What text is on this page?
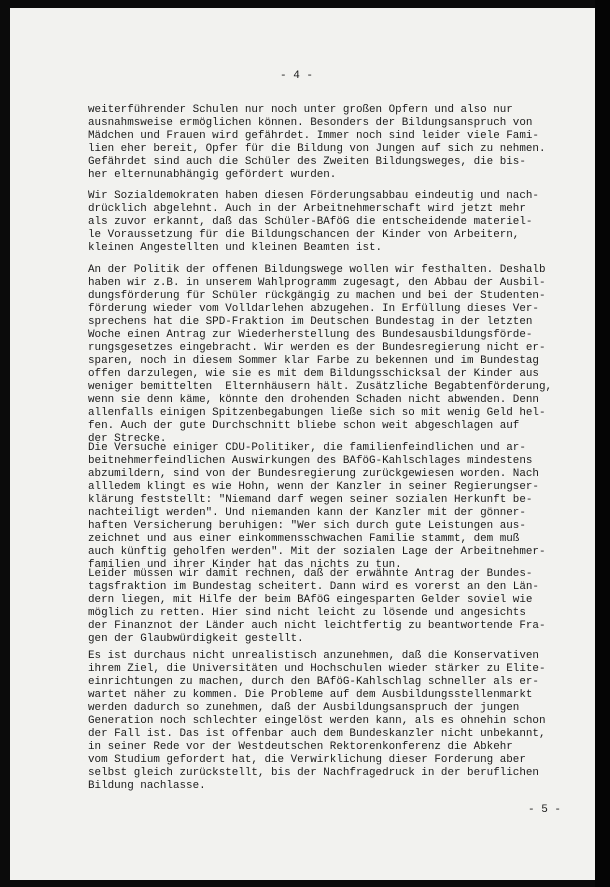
- 4 -
weiterführender Schulen nur noch unter großen Opfern und also nur
ausnahmsweise ermöglichen können. Besonders der Bildungsanspruch von
Mädchen und Frauen wird gefährdet. Immer noch sind leider viele Fami-
lien eher bereit, Opfer für die Bildung von Jungen auf sich zu nehmen.
Gefährdet sind auch die Schüler des Zweiten Bildungsweges, die bis-
her elternunabhängig gefördert wurden.
Wir Sozialdemokraten haben diesen Förderungsabbau eindeutig und nach-
drücklich abgelehnt. Auch in der Arbeitnehmerschaft wird jetzt mehr
als zuvor erkannt, daß das Schüler-BAföG die entscheidende materiel-
le Voraussetzung für die Bildungschancen der Kinder von Arbeitern,
kleinen Angestellten und kleinen Beamten ist.
An der Politik der offenen Bildungswege wollen wir festhalten. Deshalb
haben wir z.B. in unserem Wahlprogramm zugesagt, den Abbau der Ausbil-
dungsförderung für Schüler rückgängig zu machen und bei der Studenten-
förderung wieder vom Volldarlehen abzugehen. In Erfüllung dieses Ver-
sprechens hat die SPD-Fraktion im Deutschen Bundestag in der letzten
Woche einen Antrag zur Wiederherstellung des Bundesausbildungsförde-
rungsgesetzes eingebracht. Wir werden es der Bundesregierung nicht er-
sparen, noch in diesem Sommer klar Farbe zu bekennen und im Bundestag
offen darzulegen, wie sie es mit dem Bildungsschicksal der Kinder aus
weniger bemittelten  Elternhäusern hält. Zusätzliche Begabtenförderung,
wenn sie denn käme, könnte den drohenden Schaden nicht abwenden. Denn
allenfalls einigen Spitzenbegabungen ließe sich so mit wenig Geld hel-
fen. Auch der gute Durchschnitt bliebe schon weit abgeschlagen auf
der Strecke.
Die Versuche einiger CDU-Politiker, die familienfeindlichen und ar-
beitnehmerfeindlichen Auswirkungen des BAföG-Kahlschlages mindestens
abzumildern, sind von der Bundesregierung zurückgewiesen worden. Nach
allledem klingt es wie Hohn, wenn der Kanzler in seiner Regierungser-
klärung feststellt: "Niemand darf wegen seiner sozialen Herkunft be-
nachteiligt werden". Und niemanden kann der Kanzler mit der gönner-
haften Versicherung beruhigen: "Wer sich durch gute Leistungen aus-
zeichnet und aus einer einkommensschwachen Familie stammt, dem muß
auch künftig geholfen werden". Mit der sozialen Lage der Arbeitnehmer-
familien und ihrer Kinder hat das nichts zu tun.
Leider müssen wir damit rechnen, daß der erwähnte Antrag der Bundes-
tagsfraktion im Bundestag scheitert. Dann wird es vorerst an den Län-
dern liegen, mit Hilfe der beim BAföG eingesparten Gelder soviel wie
möglich zu retten. Hier sind nicht leicht zu lösende und angesichts
der Finanznot der Länder auch nicht leichtfertig zu beantwortende Fra-
gen der Glaubwürdigkeit gestellt.
Es ist durchaus nicht unrealistisch anzunehmen, daß die Konservativen
ihrem Ziel, die Universitäten und Hochschulen wieder stärker zu Elite-
einrichtungen zu machen, durch den BAföG-Kahlschlag schneller als er-
wartet näher zu kommen. Die Probleme auf dem Ausbildungsstellenmarkt
werden dadurch so zunehmen, daß der Ausbildungsanspruch der jungen
Generation noch schlechter eingelöst werden kann, als es ohnehin schon
der Fall ist. Das ist offenbar auch dem Bundeskanzler nicht unbekannt,
in seiner Rede vor der Westdeutschen Rektorenkonferenz die Abkehr
vom Studium gefordert hat, die Verwirklichung dieser Forderung aber
selbst gleich zurückstellt, bis der Nachfragedruck in der beruflichen
Bildung nachlasse.
- 5 -
